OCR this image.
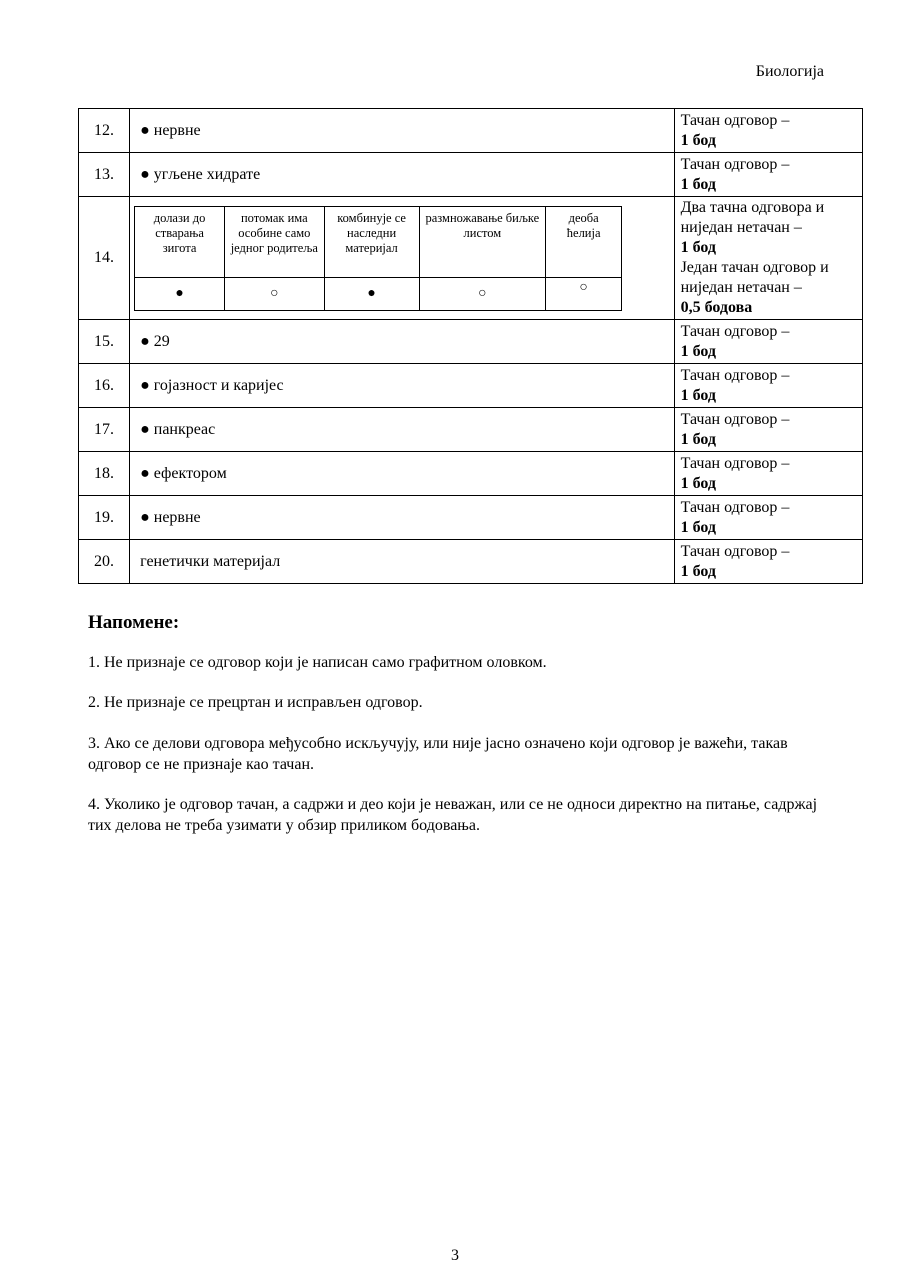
Биологија
12.	● нервне	
Тачан одговор –
1 бод

13.	● угљене хидрате	
Тачан одговор –
1 бод

14.	
долази до стварања зигота	потомак има особине само једног родитеља	комбинује се наследни материјал	размножавање биљке листом	деоба ћелија
●	○	●	○	○

Два тачна одговора и
ниједан нетачан –
1 бод
Један тачан одговор и
ниједан нетачан –
0,5 бодова

15.	● 29	
Тачан одговор –
1 бод

16.	● гојазност и каријес	
Тачан одговор –
1 бод

17.	● панкреас	
Тачан одговор –
1 бод

18.	● ефектором	
Тачан одговор –
1 бод

19.	● нервне	
Тачан одговор –
1 бод

20.	генетички материјал	
Тачан одговор –
1 бод
Напомене:
1. Не признаје се одговор који је написан само графитном оловком.
2. Не признаје се прецртан и исправљен одговор.
3. Ако се делови одговора међусобно искључују, или није јасно означено који одговор је важећи, такав одговор се не признаје као тачан.
4. Уколико је одговор тачан, а садржи и део који је неважан, или се не односи директно на питање, садржај тих делова не треба узимати у обзир приликом бодовања.
3
